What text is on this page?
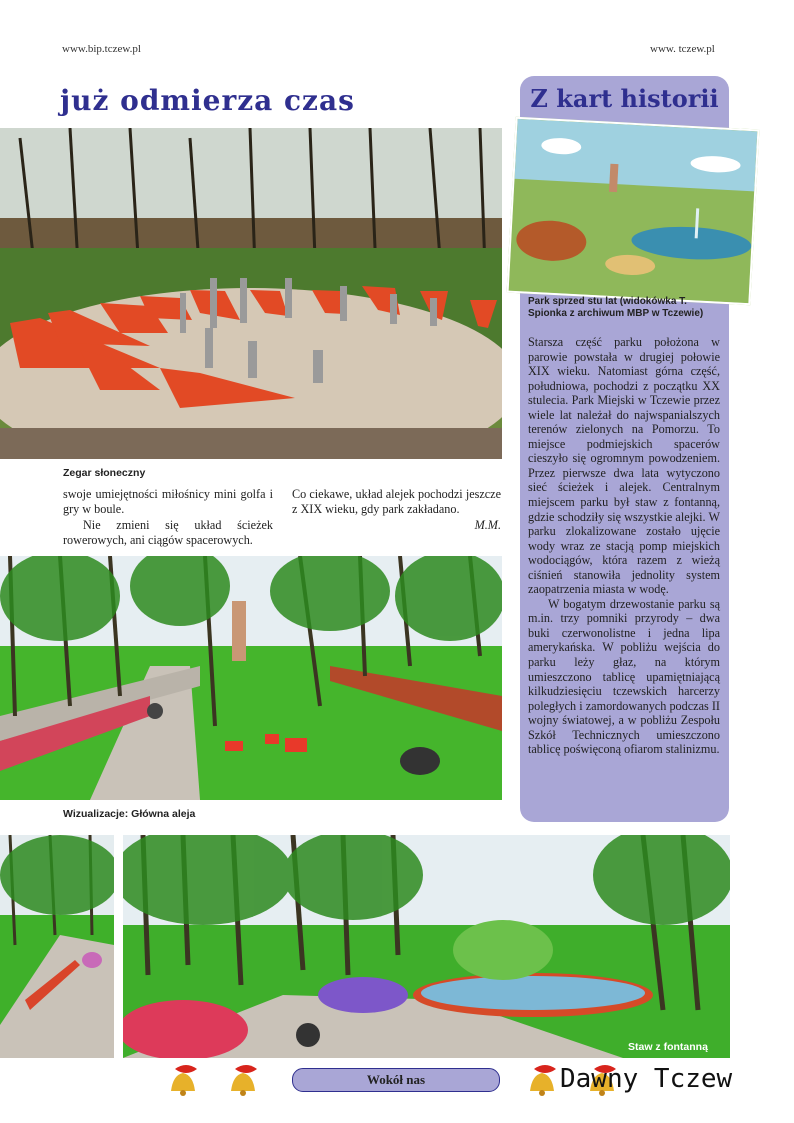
www.bip.tczew.pl	www. tczew.pl
już odmierza czas
Zegar słoneczny

swoje umiejętności miłośnicy mini golfa i gry w boule.

Nie zmieni się układ ścieżek rowerowych, ani ciągów spacerowych.

Co ciekawe, układ alejek pochodzi jeszcze z XIX wieku, gdy park zakładano.

M.M.

Wizualizacje: Główna aleja
Staw z fontanną
Z kart historii
Park sprzed stu lat (widokówka T. Spionka z archiwum MBP w Tczewie)

Starsza część parku położona w parowie powstała w drugiej połowie XIX wieku. Natomiast górna część, południowa, pochodzi z początku XX stulecia. Park Miejski w Tczewie przez wiele lat należał do najwspanialszych terenów zielonych na Pomorzu. To miejsce podmiejskich spacerów cieszyło się ogromnym powodzeniem. Przez pierwsze dwa lata wytyczono sieć ścieżek i alejek. Centralnym miejscem parku był staw z fontanną, gdzie schodziły się wszystkie alejki. W parku zlokalizowane zostało ujęcie wody wraz ze stacją pomp miejskich wodociągów, która razem z wieżą ciśnień stanowiła jednolity system zaopatrzenia miasta w wodę.

W bogatym drzewostanie parku są m.in. trzy pomniki przyrody – dwa buki czerwonolistne i jedna lipa amerykańska. W pobliżu wejścia do parku leży głaz, na którym umieszczono tablicę upamiętniającą kilkudziesięciu tczewskich harcerzy poległych i zamordowanych podczas II wojny światowej, a w pobliżu Zespołu Szkół Technicznych umieszczono tablicę poświęconą ofiarom stalinizmu.

Wokół nas	Dawny Tczew
